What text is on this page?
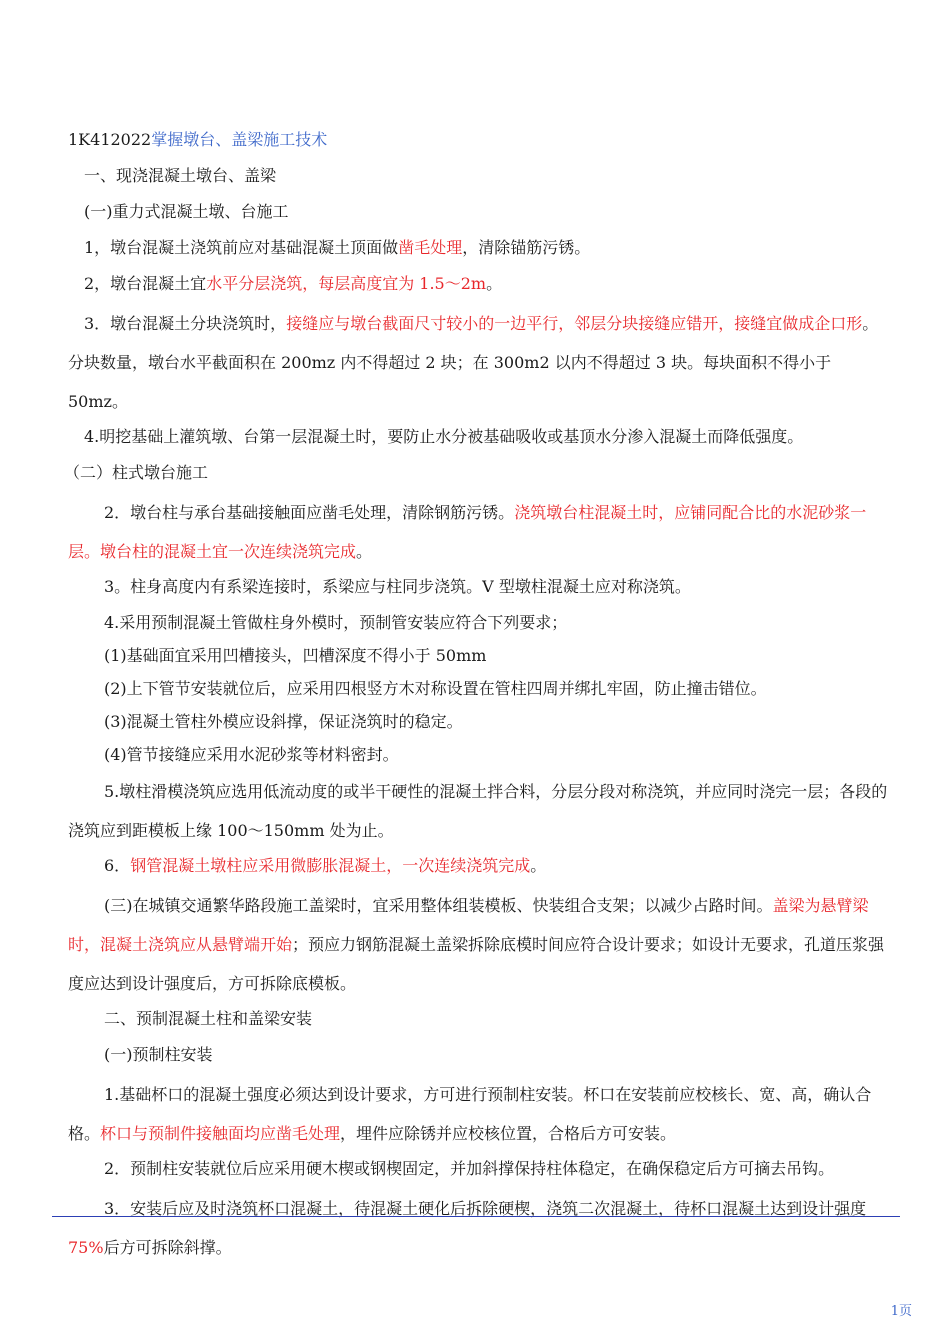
1K412022掌握墩台、盖梁施工技术
一、现浇混凝土墩台、盖梁
(一)重力式混凝土墩、台施工
1，墩台混凝土浇筑前应对基础混凝土顶面做凿毛处理，清除锚筋污锈。
2，墩台混凝土宜水平分层浇筑，每层高度宜为 1.5～2m。
3．墩台混凝土分块浇筑时，接缝应与墩台截面尺寸较小的一边平行，邻层分块接缝应错开，接缝宜做成企口形。分块数量，墩台水平截面积在 200mz 内不得超过 2 块；在 300m2 以内不得超过 3 块。每块面积不得小于 50mz。
4.明挖基础上灌筑墩、台第一层混凝土时，要防止水分被基础吸收或基顶水分渗入混凝土而降低强度。
（二）柱式墩台施工
2．墩台柱与承台基础接触面应凿毛处理，清除钢筋污锈。浇筑墩台柱混凝土时，应铺同配合比的水泥砂浆一层。墩台柱的混凝土宜一次连续浇筑完成。
3。柱身高度内有系梁连接时，系梁应与柱同步浇筑。V 型墩柱混凝土应对称浇筑。
4.采用预制混凝土管做柱身外模时，预制管安装应符合下列要求；
(1)基础面宜采用凹槽接头，凹槽深度不得小于 50mm
(2)上下管节安装就位后，应采用四根竖方木对称设置在管柱四周并绑扎牢固，防止撞击错位。
(3)混凝土管柱外模应设斜撑，保证浇筑时的稳定。
(4)管节接缝应采用水泥砂浆等材料密封。
5.墩柱滑模浇筑应选用低流动度的或半干硬性的混凝土拌合料，分层分段对称浇筑，并应同时浇完一层；各段的浇筑应到距模板上缘 100～150mm 处为止。
6．钢管混凝土墩柱应采用微膨胀混凝土，一次连续浇筑完成。
(三)在城镇交通繁华路段施工盖梁时，宜采用整体组装模板、快装组合支架；以减少占路时间。盖梁为悬臂梁时，混凝土浇筑应从悬臂端开始；预应力钢筋混凝土盖梁拆除底模时间应符合设计要求；如设计无要求，孔道压浆强度应达到设计强度后，方可拆除底模板。
二、预制混凝土柱和盖梁安装
(一)预制柱安装
1.基础杯口的混凝土强度必须达到设计要求，方可进行预制柱安装。杯口在安装前应校核长、宽、高，确认合格。杯口与预制件接触面均应凿毛处理，埋件应除锈并应校核位置，合格后方可安装。
2．预制柱安装就位后应采用硬木楔或钢楔固定，并加斜撑保持柱体稳定，在确保稳定后方可摘去吊钩。
3．安装后应及时浇筑杯口混凝土，待混凝土硬化后拆除硬楔，浇筑二次混凝土，待杯口混凝土达到设计强度 75%后方可拆除斜撑。
1页
